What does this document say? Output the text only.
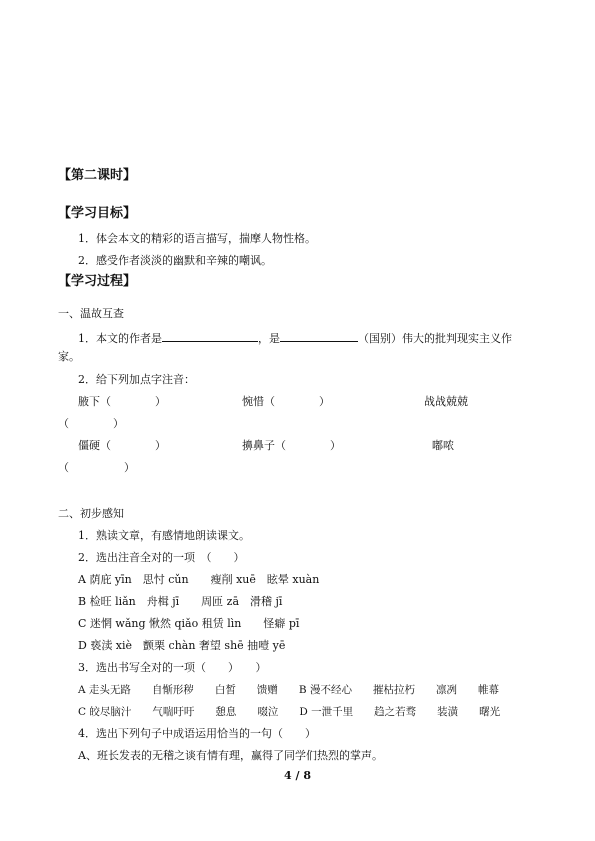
【第二课时】
【学习目标】
1．体会本文的精彩的语言描写，揣摩人物性格。
2．感受作者淡淡的幽默和辛辣的嘲讽。
【学习过程】
一、温故互查
1．本文的作者是	，是	（国别）伟大的批判现实主义作
家。
2．给下列加点字注音：
腋下（　　　　）	惋惜（　　　　）	战战兢兢
（　　　　）
僵硬（　　　　）	擤鼻子（　　　　）	嘟哝
（　　　　　）
二、初步感知
1．熟读文章，有感情地朗读课文。
2．选出注音全对的一项　（　　）
A 荫庇 yīn　思忖 cǔn　　瘦削 xuē　眩晕 xuàn
B 检旺 liǎn　舟楫 jī　　周匝 zā　滑稽 jī
C 迷惘 wǎng 愀然 qiǎo 租赁 lìn　　怪癖 pī
D 亵渎 xiè　颤栗 chàn 奢望 shē 抽噎 yē
3．选出书写全对的一项（　　）　　）
A 走头无路　　自惭形秽　　白皙　　馈赠　　B 漫不经心　　摧枯拉朽　　凛冽　　帷幕
C 皎尽脑汁　　气喘吁吁　　憩息　　啜泣　　D 一泄千里　　趋之若骛　　装潢　　曙光
4．选出下列句子中成语运用恰当的一句（　　）
A、班长发表的无稽之谈有情有理，赢得了同学们热烈的掌声。
4 / 8
